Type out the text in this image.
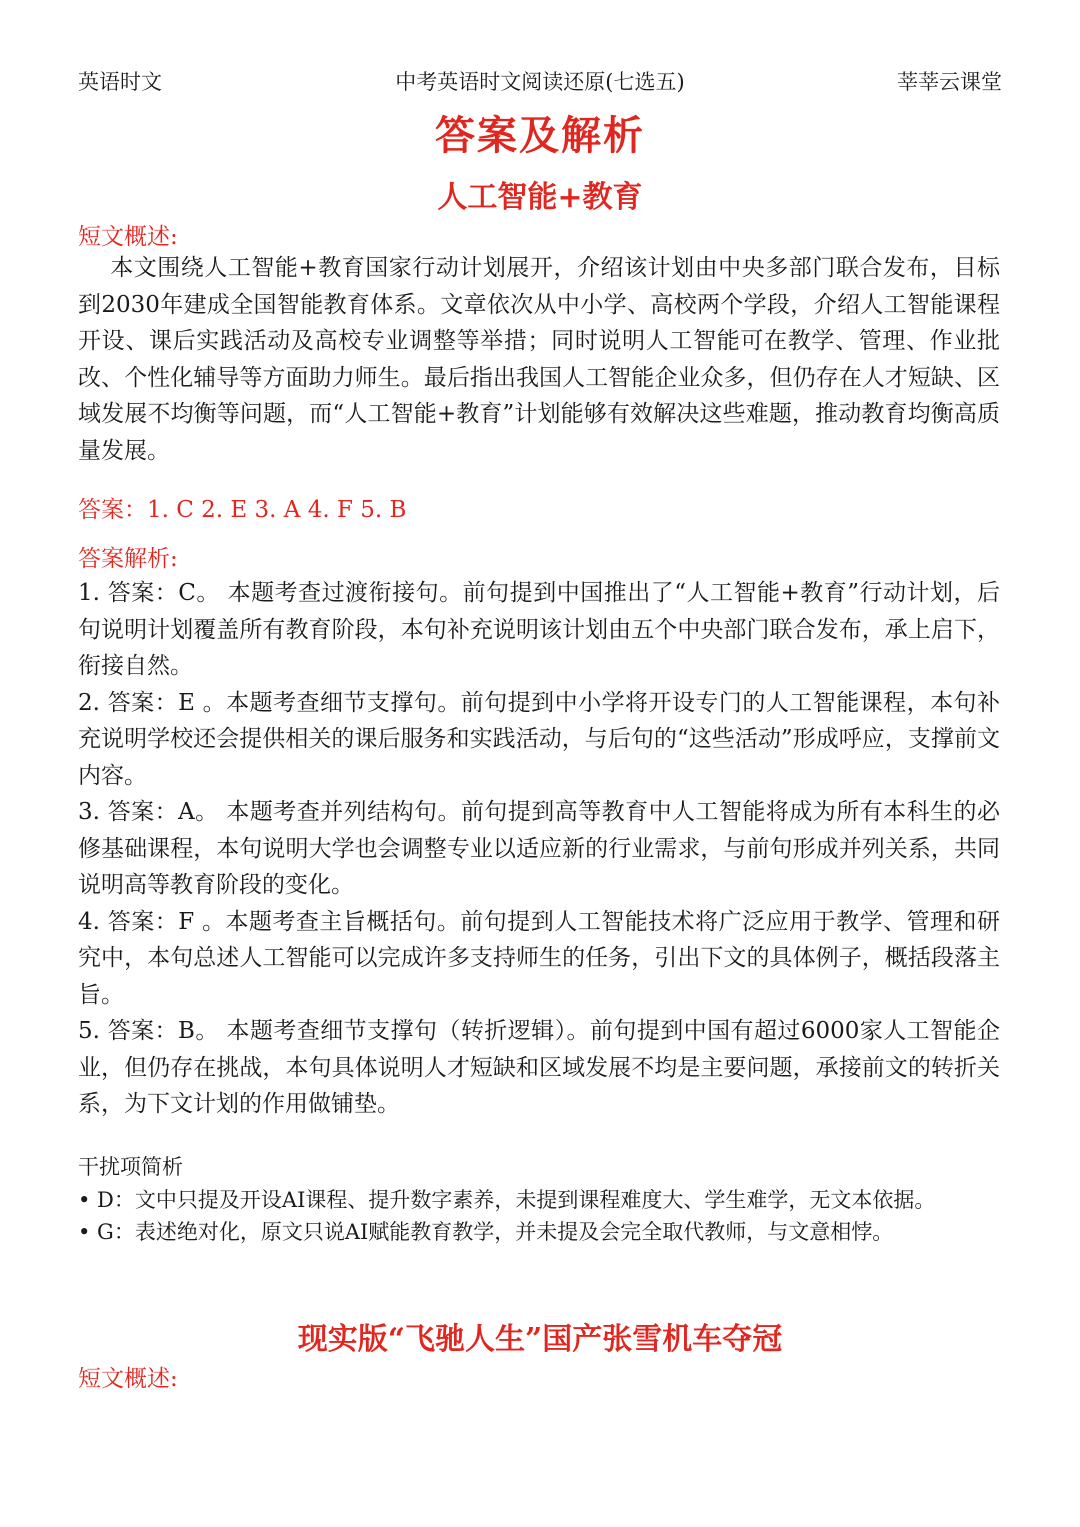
英语时文	中考英语时文阅读还原(七选五)	莘莘云课堂
答案及解析
人工智能+教育
短文概述:

本文围绕人工智能+教育国家行动计划展开，介绍该计划由中央多部门联合发布，目标到2030年建成全国智能教育体系。文章依次从中小学、高校两个学段，介绍人工智能课程开设、课后实践活动及高校专业调整等举措；同时说明人工智能可在教学、管理、作业批改、个性化辅导等方面助力师生。最后指出我国人工智能企业众多，但仍存在人才短缺、区域发展不均衡等问题，而“人工智能+教育”计划能够有效解决这些难题，推动教育均衡高质量发展。

答案：1. C 2. E 3. A 4. F 5. B
答案解析:

1. 答案：C。 本题考查过渡衔接句。前句提到中国推出了“人工智能+教育”行动计划，后句说明计划覆盖所有教育阶段，本句补充说明该计划由五个中央部门联合发布，承上启下，衔接自然。

2. 答案：E 。本题考查细节支撑句。前句提到中小学将开设专门的人工智能课程，本句补充说明学校还会提供相关的课后服务和实践活动，与后句的“这些活动”形成呼应，支撑前文内容。

3. 答案：A。 本题考查并列结构句。前句提到高等教育中人工智能将成为所有本科生的必修基础课程，本句说明大学也会调整专业以适应新的行业需求，与前句形成并列关系，共同说明高等教育阶段的变化。

4. 答案：F 。本题考查主旨概括句。前句提到人工智能技术将广泛应用于教学、管理和研究中，本句总述人工智能可以完成许多支持师生的任务，引出下文的具体例子，概括段落主旨。

5. 答案：B。 本题考查细节支撑句（转折逻辑）。前句提到中国有超过6000家人工智能企业，但仍存在挑战，本句具体说明人才短缺和区域发展不均是主要问题，承接前文的转折关系，为下文计划的作用做铺垫。

干扰项简析

• D：文中只提及开设AI课程、提升数字素养，未提到课程难度大、学生难学，无文本依据。

• G：表述绝对化，原文只说AI赋能教育教学，并未提及会完全取代教师，与文意相悖。

现实版“飞驰人生”国产张雪机车夺冠
短文概述:
